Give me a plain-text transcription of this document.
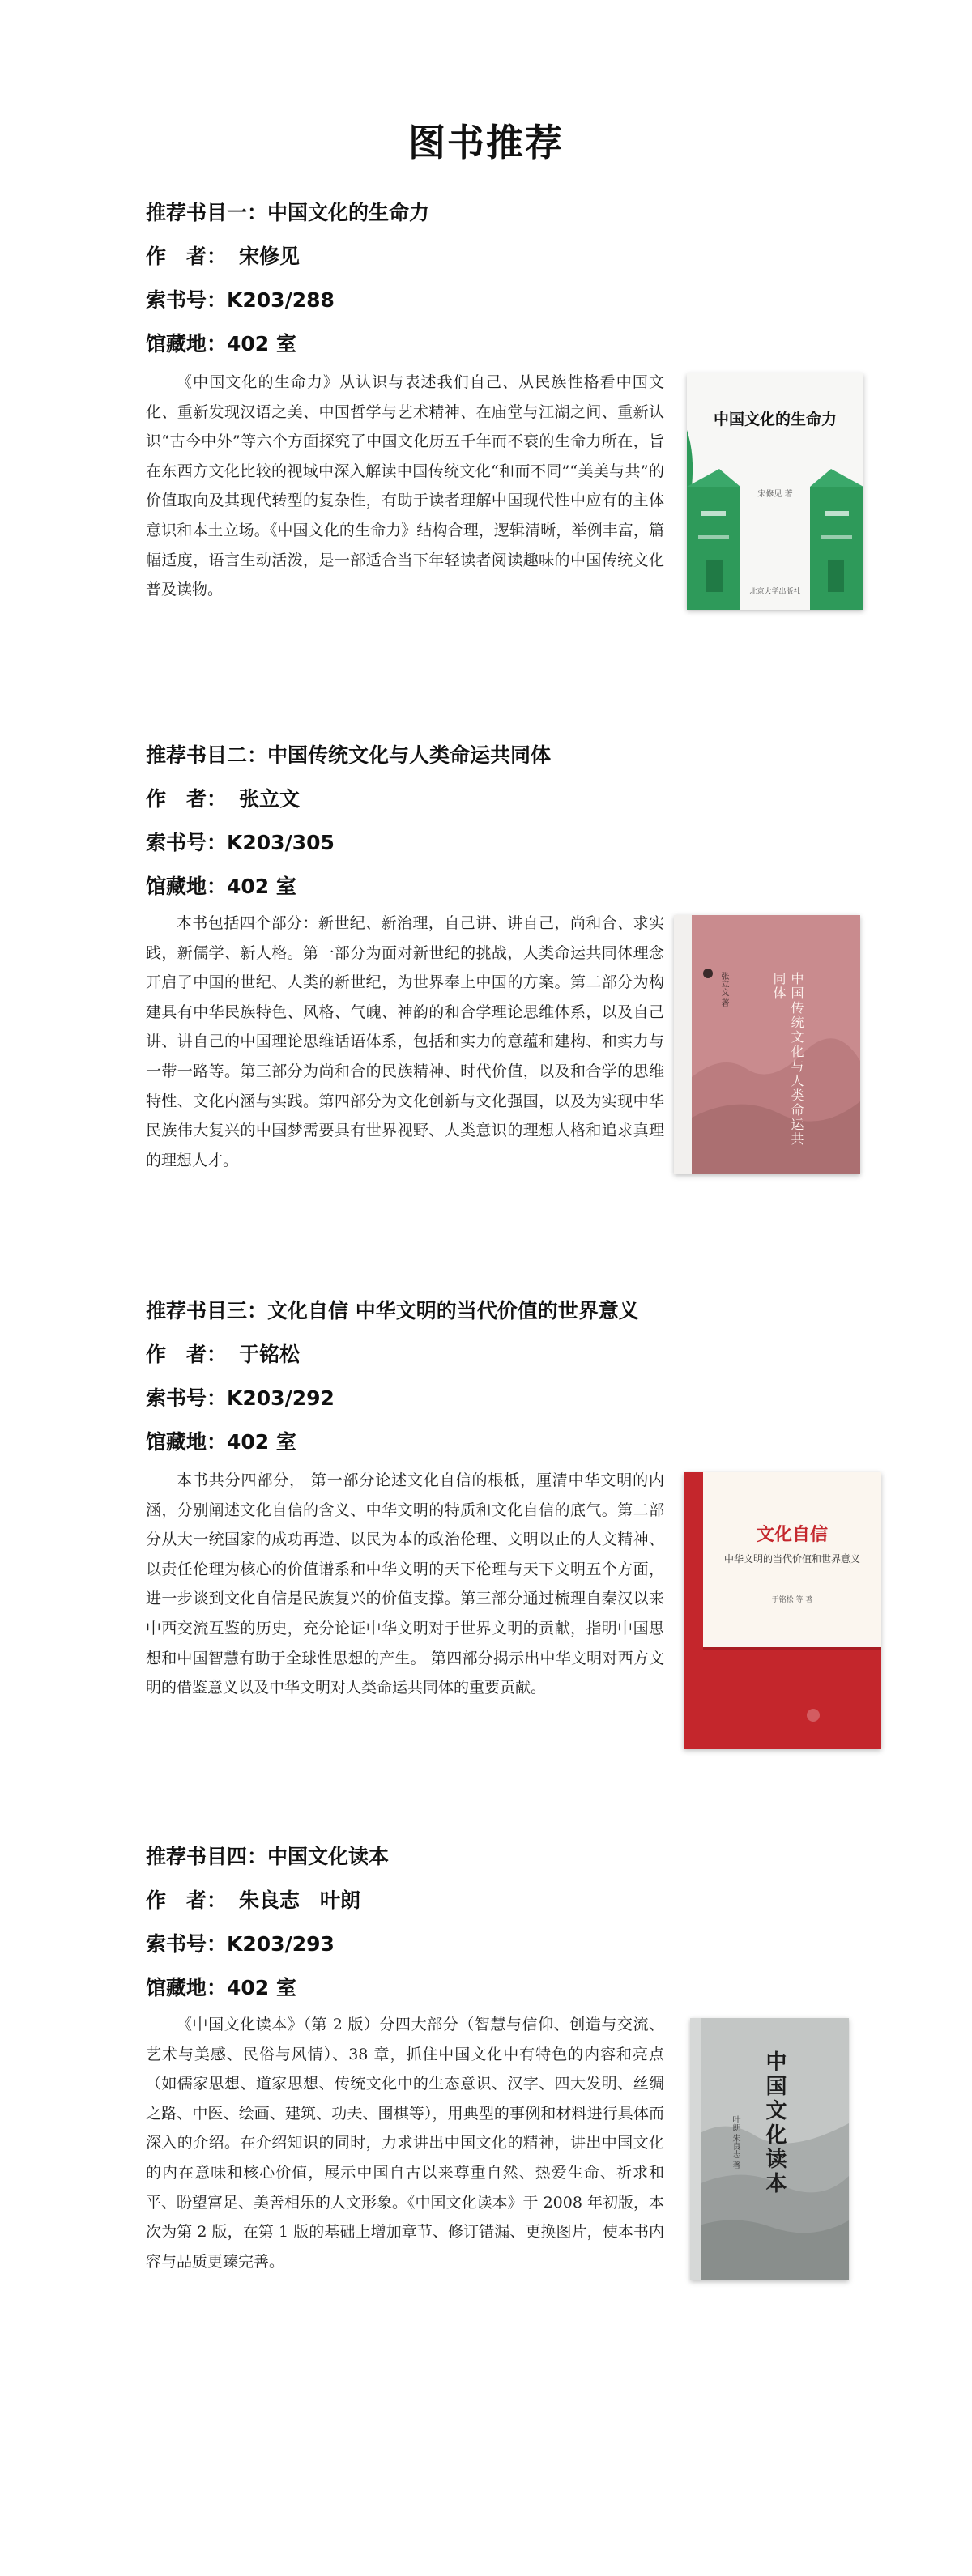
图书推荐
推荐书目一：中国文化的生命力
作　者： 宋修见
索书号：K203/288
馆藏地：402 室

《中国文化的生命力》从认识与表述我们自己、从民族性格看中国文化、重新发现汉语之美、中国哲学与艺术精神、在庙堂与江湖之间、重新认识“古今中外”等六个方面探究了中国文化历五千年而不衰的生命力所在，旨在东西方文化比较的视域中深入解读中国传统文化“和而不同”“美美与共”的价值取向及其现代转型的复杂性，有助于读者理解中国现代性中应有的主体意识和本土立场。《中国文化的生命力》结构合理，逻辑清晰，举例丰富，篇幅适度，语言生动活泼，是一部适合当下年轻读者阅读趣味的中国传统文化普及读物。

中国文化的生命力
宋修见 著
北京大学出版社
推荐书目二：中国传统文化与人类命运共同体
作　者： 张立文
索书号：K203/305
馆藏地：402 室

本书包括四个部分：新世纪、新治理，自己讲、讲自己，尚和合、求实践，新儒学、新人格。第一部分为面对新世纪的挑战，人类命运共同体理念开启了中国的世纪、人类的新世纪，为世界奉上中国的方案。第二部分为构建具有中华民族特色、风格、气魄、神韵的和合学理论思维体系，以及自己讲、讲自己的中国理论思维话语体系，包括和实力的意蕴和建构、和实力与一带一路等。第三部分为尚和合的民族精神、时代价值，以及和合学的思维特性、文化内涵与实践。第四部分为文化创新与文化强国，以及为实现中华民族伟大复兴的中国梦需要具有世界视野、人类意识的理想人格和追求真理的理想人才。

中国传统文化与人类命运共同体
张立文 著
推荐书目三：文化自信 中华文明的当代价值的世界意义
作　者： 于铭松
索书号：K203/292
馆藏地：402 室

本书共分四部分， 第一部分论述文化自信的根柢，厘清中华文明的内涵，分别阐述文化自信的含义、中华文明的特质和文化自信的底气。第二部分从大一统国家的成功再造、以民为本的政治伦理、文明以止的人文精神、以责任伦理为核心的价值谱系和中华文明的天下伦理与天下文明五个方面，进一步谈到文化自信是民族复兴的价值支撑。第三部分通过梳理自秦汉以来中西交流互鉴的历史，充分论证中华文明对于世界文明的贡献，指明中国思想和中国智慧有助于全球性思想的产生。 第四部分揭示出中华文明对西方文明的借鉴意义以及中华文明对人类命运共同体的重要贡献。

文化自信
中华文明的当代价值和世界意义
于铭松 等 著
推荐书目四：中国文化读本
作　者： 朱良志　叶朗
索书号：K203/293
馆藏地：402 室

《中国文化读本》（第 2 版）分四大部分（智慧与信仰、创造与交流、艺术与美感、民俗与风情）、38 章，抓住中国文化中有特色的内容和亮点（如儒家思想、道家思想、传统文化中的生态意识、汉字、四大发明、丝绸之路、中医、绘画、建筑、功夫、围棋等），用典型的事例和材料进行具体而深入的介绍。在介绍知识的同时，力求讲出中国文化的精神，讲出中国文化的内在意味和核心价值，展示中国自古以来尊重自然、热爱生命、祈求和平、盼望富足、美善相乐的人文形象。《中国文化读本》于 2008 年初版，本次为第 2 版，在第 1 版的基础上增加章节、修订错漏、更换图片，使本书内容与品质更臻完善。

中国文化读本
叶朗 朱良志 著
